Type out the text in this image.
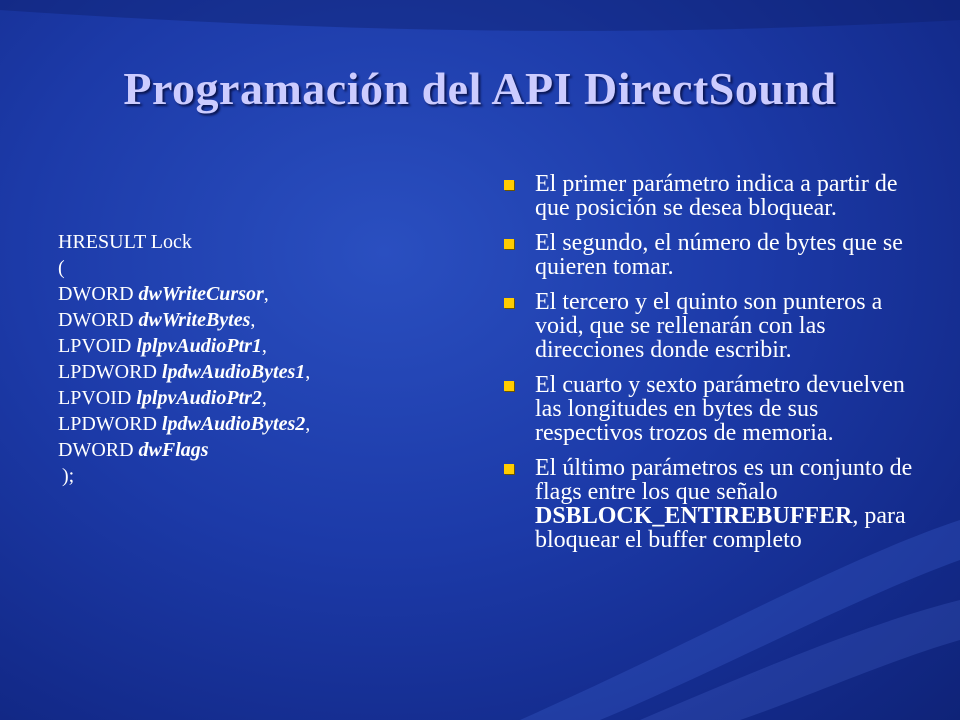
Programación del API DirectSound
HRESULT Lock
(
DWORD dwWriteCursor,
DWORD dwWriteBytes,
LPVOID lplpvAudioPtr1,
LPDWORD lpdwAudioBytes1,
LPVOID lplpvAudioPtr2,
LPDWORD lpdwAudioBytes2,
DWORD dwFlags
);
El primer parámetro indica a partir de que posición se desea bloquear.
El segundo, el número de bytes que se quieren tomar.
El tercero y el quinto son punteros a void, que se rellenarán con las direcciones donde escribir.
El cuarto y sexto parámetro devuelven las longitudes en bytes de sus respectivos trozos de memoria.
El último parámetros es un conjunto de flags entre los que señalo DSBLOCK_ENTIREBUFFER, para bloquear el buffer completo
